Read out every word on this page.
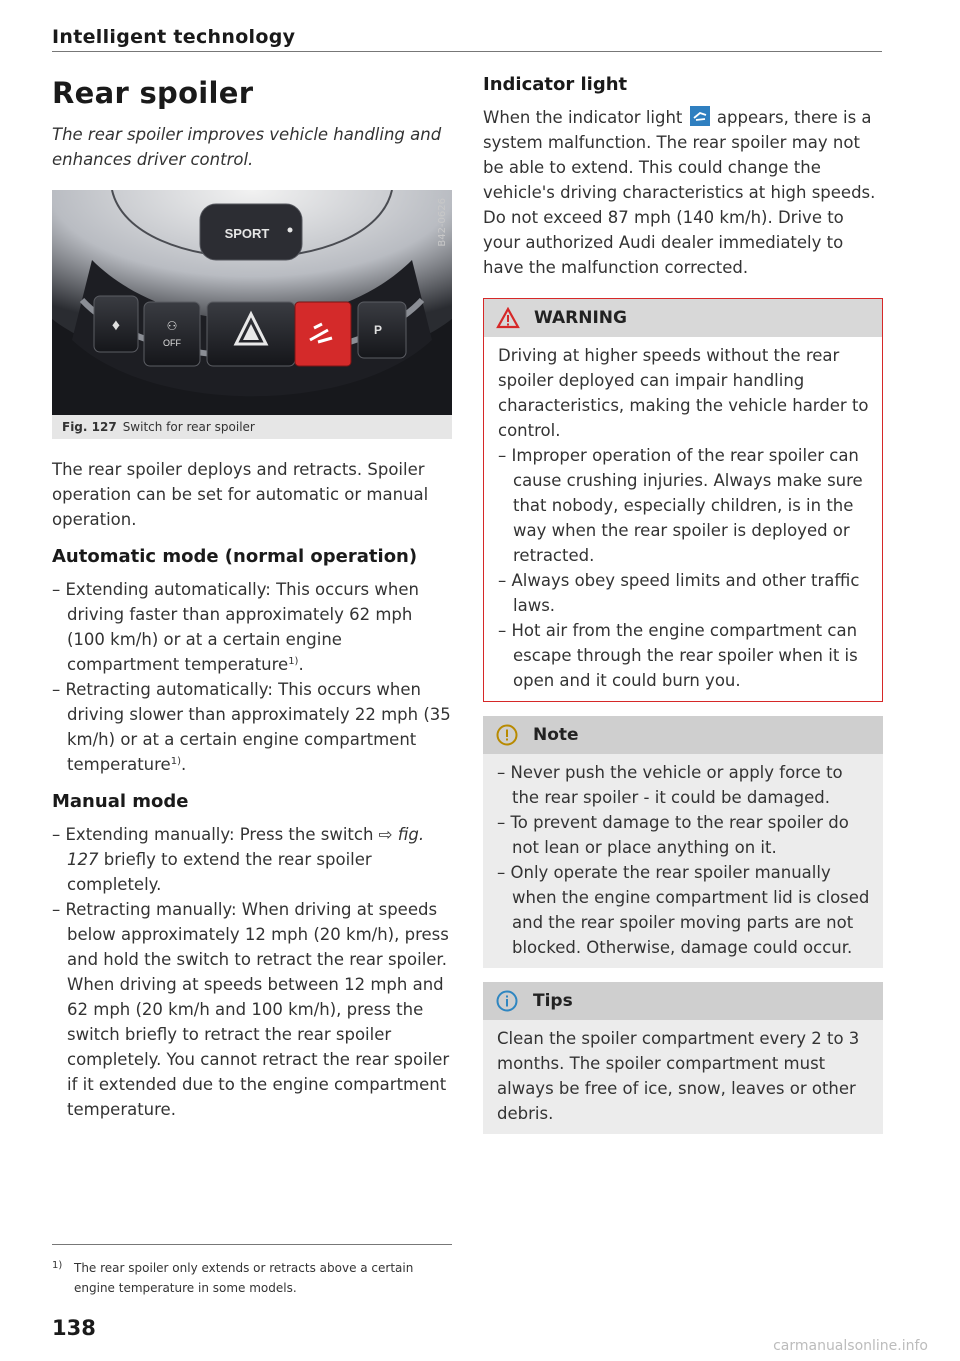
Intelligent technology
Rear spoiler
The rear spoiler improves vehicle handling and enhances driver control.
SPORT
♦	⚇
OFF
P
B42-0626
Fig. 127 Switch for rear spoiler

The rear spoiler deploys and retracts. Spoiler operation can be set for automatic or manual operation.

Automatic mode (normal operation)
– Extending automatically: This occurs when driving faster than approximately 62 mph (100 km/h) or at a certain engine compartment temperature$^{1)}$.
– Retracting automatically: This occurs when driving slower than approximately 22 mph (35 km/h) or at a certain engine compartment temperature$^{1)}$.
Manual mode
– Extending manually: Press the switch ⇨ fig. 127 briefly to extend the rear spoiler completely.
– Retracting manually: When driving at speeds below approximately 12 mph (20 km/h), press and hold the switch to retract the rear spoiler. When driving at speeds between 12 mph and 62 mph (20 km/h and 100 km/h), press the switch briefly to retract the rear spoiler completely. You cannot retract the rear spoiler if it extended due to the engine compartment temperature.
Indicator light

When the indicator light appears, there is a system malfunction. The rear spoiler may not be able to extend. This could change the vehicle's driving characteristics at high speeds. Do not exceed 87 mph (140 km/h). Drive to your authorized Audi dealer immediately to have the malfunction corrected.

WARNING

Driving at higher speeds without the rear spoiler deployed can impair handling characteristics, making the vehicle harder to control.

– Improper operation of the rear spoiler can cause crushing injuries. Always make sure that nobody, especially children, is in the way when the rear spoiler is deployed or retracted.
– Always obey speed limits and other traffic laws.
– Hot air from the engine compartment can escape through the rear spoiler when it is open and it could burn you.
Note
– Never push the vehicle or apply force to the rear spoiler - it could be damaged.
– To prevent damage to the rear spoiler do not lean or place anything on it.
– Only operate the rear spoiler manually when the engine compartment lid is closed and the rear spoiler moving parts are not blocked. Otherwise, damage could occur.
Tips

Clean the spoiler compartment every 2 to 3 months. The spoiler compartment must always be free of ice, snow, leaves or other debris.

1) The rear spoiler only extends or retracts above a certain
engine temperature in some models.
138
carmanualsonline.info
